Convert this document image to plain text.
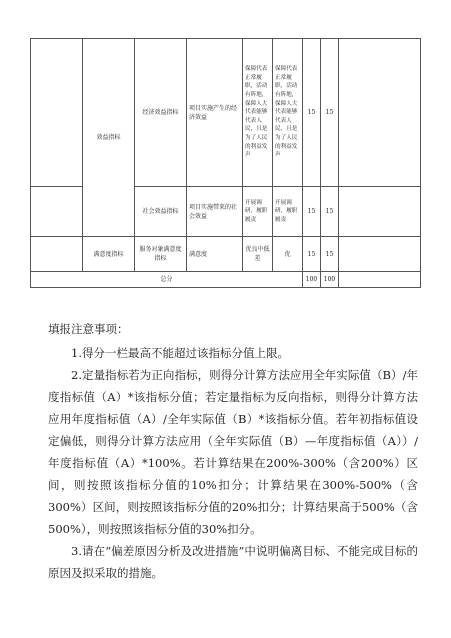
	效益指标	经济效益指标	项目实施产生的经济效益	保障代表正常履职，活动有阵地，保障人大代表能够代表人民，且是为了人民的利益发声	保障代表正常履职，活动有阵地，保障人大代表能够代表人民，且是为了人民的利益发声	15	15	
		社会效益指标	项目实施带来的社会效益	开展调研，履职履责	开展调研，履职履责	15	15	
	满意度指标	服务对象满意度指标	满意度	优良中低差	优	15	15	
总分						100	100	
填报注意事项：

1.得分一栏最高不能超过该指标分值上限。

2.定量指标若为正向指标，则得分计算方法应用全年实际值（B）/年度指标值（A）*该指标分值；若定量指标为反向指标，则得分计算方法应用年度指标值（A）/全年实际值（B）*该指标分值。若年初指标值设定偏低，则得分计算方法应用（全年实际值（B）—年度指标值（A））/年度指标值（A）*100%。若计算结果在200%-300%（含200%）区间，则按照该指标分值的10%扣分；计算结果在300%-500%（含300%）区间，则按照该指标分值的20%扣分；计算结果高于500%（含500%），则按照该指标分值的30%扣分。

3.请在“偏差原因分析及改进措施”中说明偏离目标、不能完成目标的原因及拟采取的措施。
